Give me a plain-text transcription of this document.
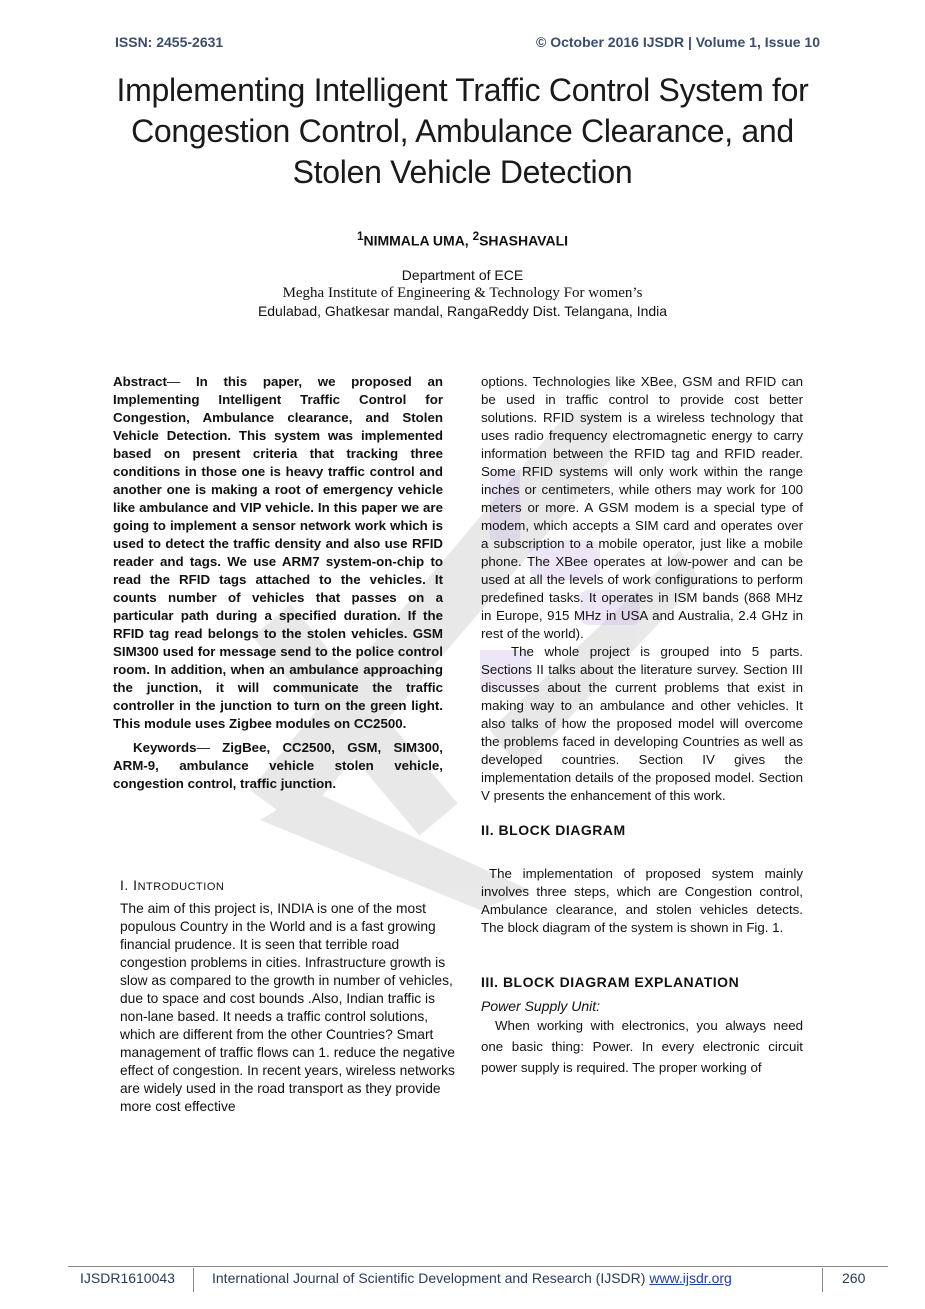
ISSN: 2455-2631	© October 2016 IJSDR | Volume 1, Issue 10
Implementing Intelligent Traffic Control System for
Congestion Control, Ambulance Clearance, and
Stolen Vehicle Detection
$^1$NIMMALA UMA, $^2$SHASHAVALI
Department of ECE
Megha Institute of Engineering & Technology For women’s
Edulabad, Ghatkesar mandal, RangaReddy Dist. Telangana, India

Abstract— In this paper, we proposed an Implementing Intelligent Traffic Control for Congestion, Ambulance clearance, and Stolen Vehicle Detection. This system was implemented based on present criteria that tracking three conditions in those one is heavy traffic control and another one is making a root of emergency vehicle like ambulance and VIP vehicle. In this paper we are going to implement a sensor network work which is used to detect the traffic density and also use RFID reader and tags. We use ARM7 system-on-chip to read the RFID tags attached to the vehicles. It counts number of vehicles that passes on a particular path during a specified duration. If the RFID tag read belongs to the stolen vehicles. GSM SIM300 used for message send to the police control room. In addition, when an ambulance approaching the junction, it will communicate the traffic controller in the junction to turn on the green light. This module uses Zigbee modules on CC2500.

Keywords— ZigBee, CC2500, GSM, SIM300, ARM-9, ambulance vehicle stolen vehicle, congestion control, traffic junction.

I. INTRODUCTION

The aim of this project is, INDIA is one of the most populous Country in the World and is a fast growing financial prudence. It is seen that terrible road congestion problems in cities. Infrastructure growth is slow as compared to the growth in number of vehicles, due to space and cost bounds .Also, Indian traffic is non-lane based. It needs a traffic control solutions, which are different from the other Countries? Smart management of traffic flows can 1. reduce the negative effect of congestion. In recent years, wireless networks are widely used in the road transport as they provide more cost effective

options. Technologies like XBee, GSM and RFID can be used in traffic control to provide cost better solutions. RFID system is a wireless technology that uses radio frequency electromagnetic energy to carry information between the RFID tag and RFID reader. Some RFID systems will only work within the range inches or centimeters, while others may work for 100 meters or more. A GSM modem is a special type of modem, which accepts a SIM card and operates over a subscription to a mobile operator, just like a mobile phone. The XBee operates at low-power and can be used at all the levels of work configurations to perform predefined tasks. It operates in ISM bands (868 MHz in Europe, 915 MHz in USA and Australia, 2.4 GHz in rest of the world).

The whole project is grouped into 5 parts. Sections II talks about the literature survey. Section III discusses about the current problems that exist in making way to an ambulance and other vehicles. It also talks of how the proposed model will overcome the problems faced in developing Countries as well as developed countries. Section IV gives the implementation details of the proposed model. Section V presents the enhancement of this work.

II. BLOCK DIAGRAM

The implementation of proposed system mainly involves three steps, which are Congestion control, Ambulance clearance, and stolen vehicles detects. The block diagram of the system is shown in Fig. 1.

III. BLOCK DIAGRAM EXPLANATION

Power Supply Unit:

When working with electronics, you always need one basic thing: Power. In every electronic circuit power supply is required. The proper working of

IJSDR1610043	International Journal of Scientific Development and Research (IJSDR) www.ijsdr.org	260
